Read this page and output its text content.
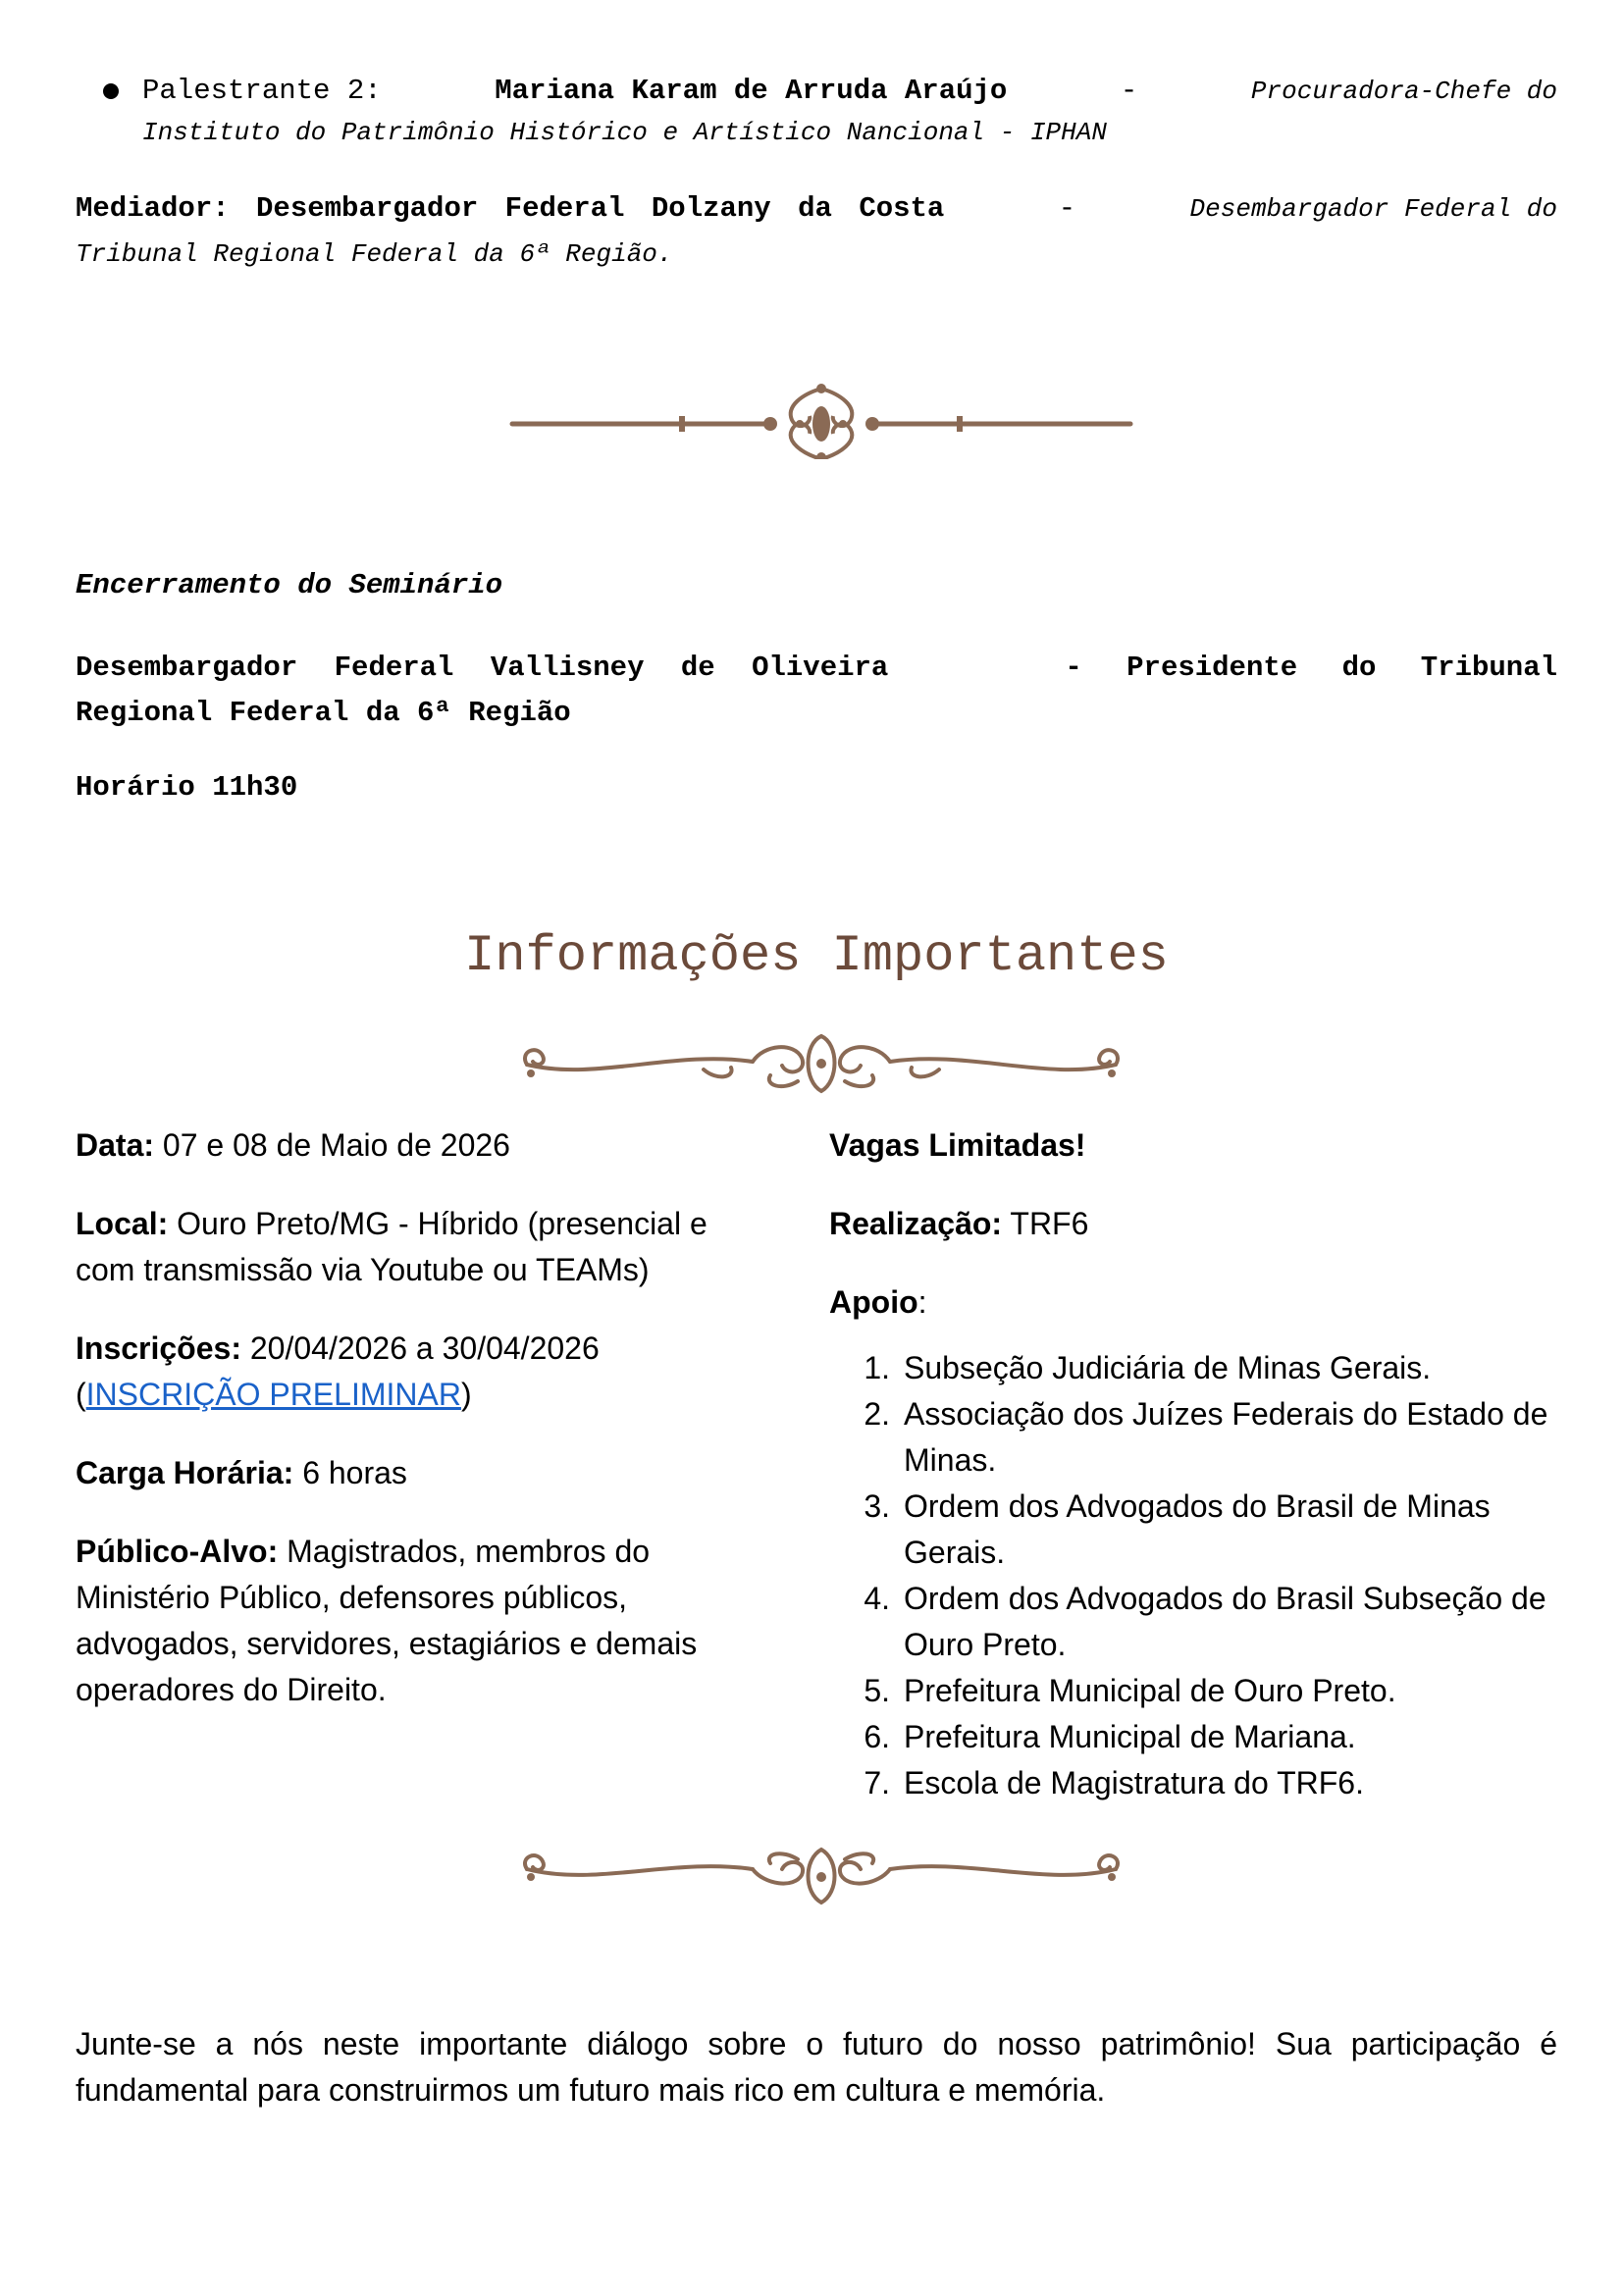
Palestrante 2:	Mariana Karam de Arruda Araújo	-	Procuradora-Chefe do
Instituto do Patrimônio Histórico e Artístico Nancional - IPHAN
Mediador: Desembargador Federal Dolzany da Costa	-	Desembargador Federal do
Tribunal Regional Federal da 6ª Região.
Encerramento do Seminário
Desembargador Federal Vallisney de Oliveira	- Presidente do Tribunal
Regional Federal da 6ª Região
Horário 11h30
Informações Importantes

Data: 07 e 08 de Maio de 2026

Local: Ouro Preto/MG - Híbrido (presencial e com transmissão via Youtube ou TEAMs)

Inscrições: 20/04/2026 a 30/04/2026
(INSCRIÇÃO PRELIMINAR)

Carga Horária: 6 horas

Público-Alvo: Magistrados, membros do Ministério Público, defensores públicos, advogados, servidores, estagiários e demais operadores do Direito.

Vagas Limitadas!

Realização: TRF6

Apoio:

1. Subseção Judiciária de Minas Gerais.
2. Associação dos Juízes Federais do Estado de Minas.
3. Ordem dos Advogados do Brasil de Minas Gerais.
4. Ordem dos Advogados do Brasil Subseção de Ouro Preto.
5. Prefeitura Municipal de Ouro Preto.
6. Prefeitura Municipal de Mariana.
7. Escola de Magistratura do TRF6.
Junte-se a nós neste importante diálogo sobre o futuro do nosso patrimônio! Sua participação é fundamental para construirmos um futuro mais rico em cultura e memória.
